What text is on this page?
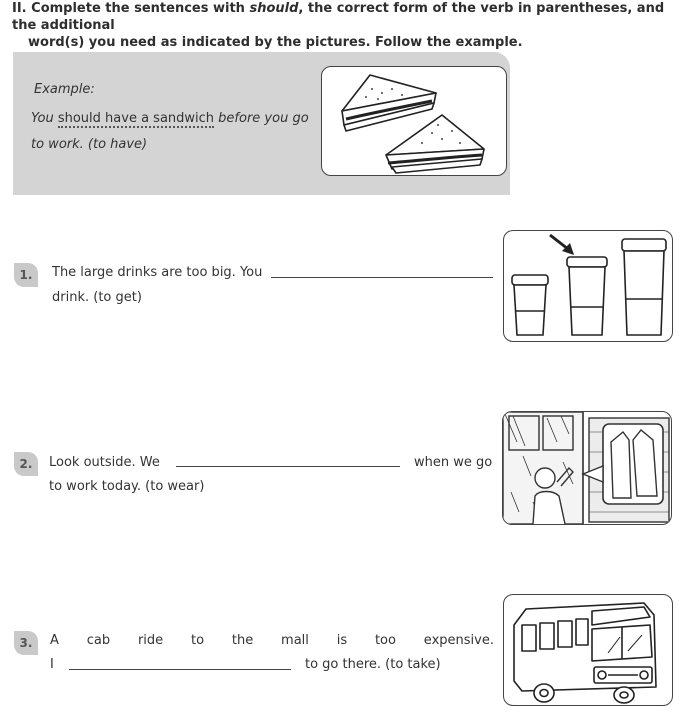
II. Complete the sentences with should, the correct form of the verb in parentheses, and the additional
word(s) you need as indicated by the pictures. Follow the example.
Example:
You should have a sandwich before you go
to work. (to have)
1.	The large drinks are too big. You
drink. (to get)
2.	Look outside. We	when we go
to work today. (to wear)
3.	A cab ride to the mall is too expensive.
I	to go there. (to take)
